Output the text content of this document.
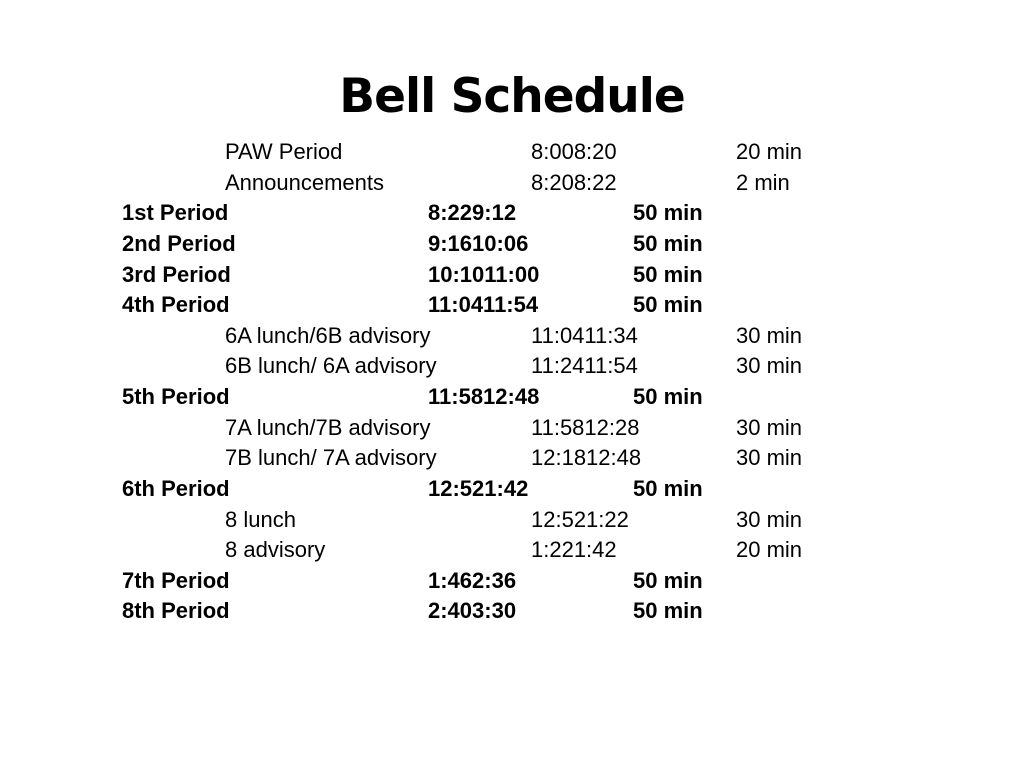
Bell Schedule
PAW Period	8:008:20	20 min
Announcements	8:208:22	2 min
1st Period	8:229:12	50 min
2nd Period	9:1610:06	50 min
3rd Period	10:1011:00	50 min
4th Period	11:0411:54	50 min
6A lunch/6B advisory	11:0411:34	30 min
6B lunch/ 6A advisory	11:2411:54	30 min
5th Period	11:5812:48	50 min
7A lunch/7B advisory	11:5812:28	30 min
7B lunch/ 7A advisory	12:1812:48	30 min
6th Period	12:521:42	50 min
8 lunch	12:521:22	30 min
8 advisory	1:221:42	20 min
7th Period	1:462:36	50 min
8th Period	2:403:30	50 min
